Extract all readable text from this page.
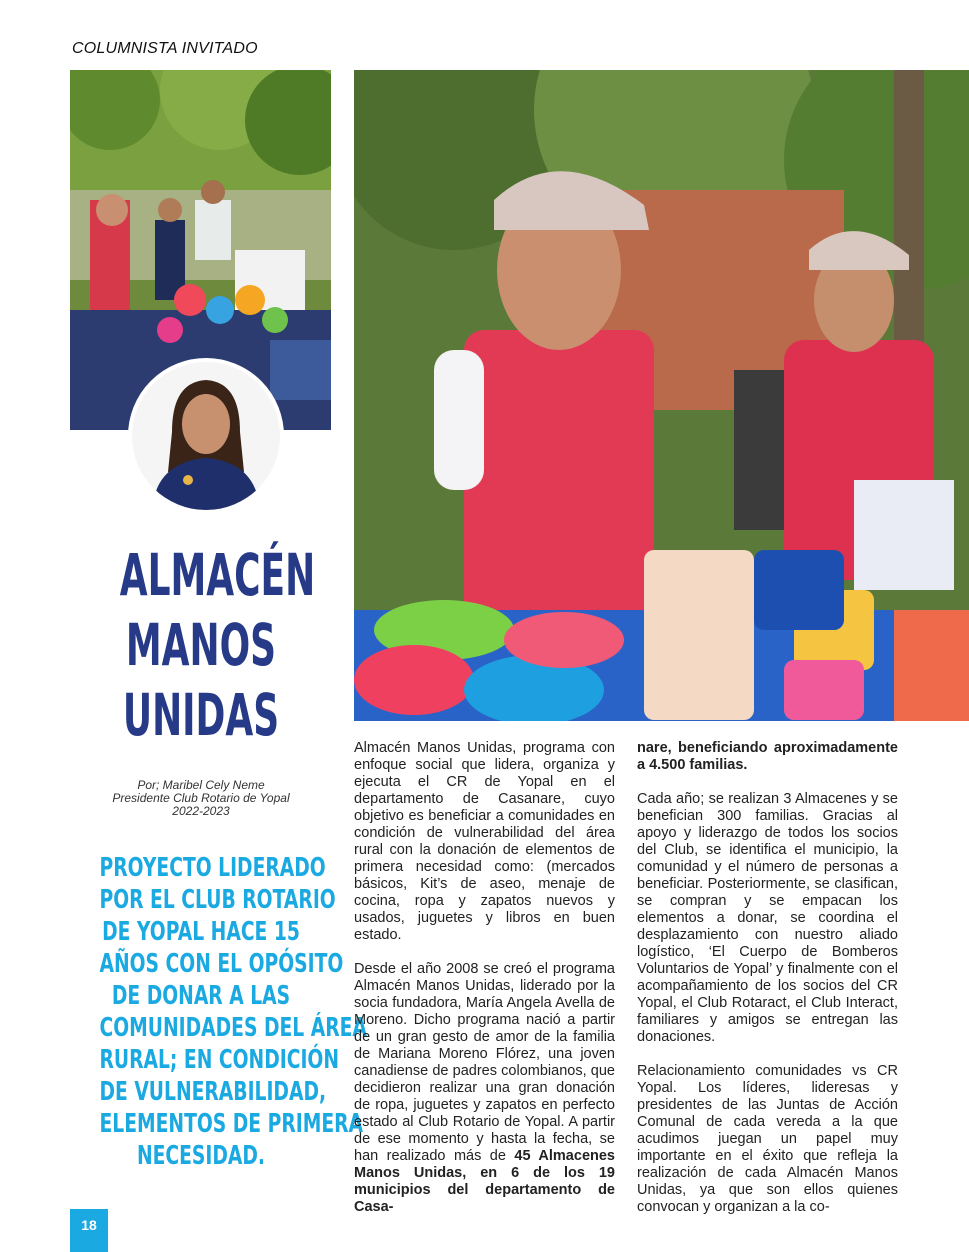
COLUMNISTA INVITADO
ALMACÉN
MANOS
UNIDAS
Por; Maribel Cely Neme
Presidente Club Rotario de Yopal
2022-2023
PROYECTO LIDERADO
POR EL CLUB ROTARIO
DE YOPAL HACE 15
AÑOS CON EL OPÓSITO
DE DONAR A LAS
COMUNIDADES DEL ÁREA
RURAL; EN CONDICIÓN
DE VULNERABILIDAD,
ELEMENTOS DE PRIMERA
NECESIDAD.

Almacén Manos Unidas, programa con enfoque social que lidera, organiza y ejecuta el CR de Yopal en el departamento de Casanare, cuyo objetivo es beneficiar a comunidades en condición de vulnerabilidad del área rural con la donación de elementos de primera necesidad como: (mercados básicos, Kit’s de aseo, menaje de cocina, ropa y zapatos nuevos y usados, juguetes y libros en buen estado.

Desde el año 2008 se creó el programa Almacén Manos Unidas, liderado por la socia fundadora, María Angela Avella de Moreno. Dicho programa nació a partir de un gran gesto de amor de la familia de Mariana Moreno Flórez, una joven canadiense de padres colombianos, que decidieron realizar una gran donación de ropa, juguetes y zapatos en perfecto estado al Club Rotario de Yopal. A partir de ese momento y hasta la fecha, se han realizado más de 45 Almacenes Manos Unidas, en 6 de los 19 municipios del departamento de Casa-

nare, beneficiando aproximadamente a 4.500 familias.

Cada año; se realizan 3 Almacenes y se benefician 300 familias. Gracias al apoyo y liderazgo de todos los socios del Club, se identifica el municipio, la comunidad y el número de personas a beneficiar. Posteriormente, se clasifican, se compran y se empacan los elementos a donar, se coordina el desplazamiento con nuestro aliado logístico, ‘El Cuerpo de Bomberos Voluntarios de Yopal’ y finalmente con el acompañamiento de los socios del CR Yopal, el Club Rotaract, el Club Interact, familiares y amigos se entregan las donaciones.

Relacionamiento comunidades vs CR Yopal. Los líderes, lideresas y presidentes de las Juntas de Acción Comunal de cada vereda a la que acudimos juegan un papel muy importante en el éxito que refleja la realización de cada Almacén Manos Unidas, ya que son ellos quienes convocan y organizan a la co-

18
